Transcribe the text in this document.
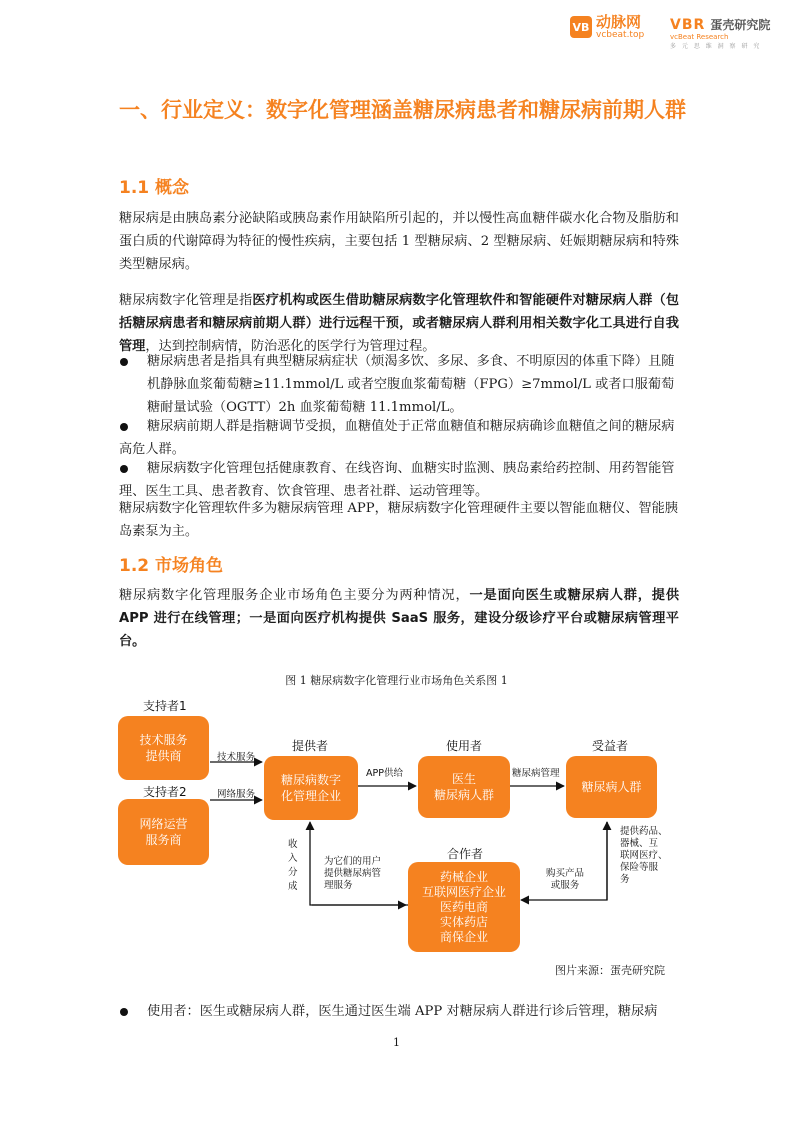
VB 动脉网
vcbeat.top
VBR 蛋壳研究院
vcBeat Research
多 元 思 维 洞 察 研 究
一、行业定义：数字化管理涵盖糖尿病患者和糖尿病前期人群
1.1 概念
糖尿病是由胰岛素分泌缺陷或胰岛素作用缺陷所引起的，并以慢性高血糖伴碳水化合物及脂肪和蛋白质的代谢障碍为特征的慢性疾病，主要包括 1 型糖尿病、2 型糖尿病、妊娠期糖尿病和特殊类型糖尿病。
糖尿病数字化管理是指医疗机构或医生借助糖尿病数字化管理软件和智能硬件对糖尿病人群（包括糖尿病患者和糖尿病前期人群）进行远程干预，或者糖尿病人群利用相关数字化工具进行自我管理，达到控制病情，防治恶化的医学行为管理过程。
糖尿病患者是指具有典型糖尿病症状（烦渴多饮、多尿、多食、不明原因的体重下降）且随机静脉血浆葡萄糖≥11.1mmol/L 或者空腹血浆葡萄糖（FPG）≥7mmol/L 或者口服葡萄糖耐量试验（OGTT）2h 血浆葡萄糖 11.1mmol/L。
糖尿病前期人群是指糖调节受损，血糖值处于正常血糖值和糖尿病确诊血糖值之间的糖尿病高危人群。
糖尿病数字化管理包括健康教育、在线咨询、血糖实时监测、胰岛素给药控制、用药智能管理、医生工具、患者教育、饮食管理、患者社群、运动管理等。
糖尿病数字化管理软件多为糖尿病管理 APP，糖尿病数字化管理硬件主要以智能血糖仪、智能胰岛素泵为主。
1.2 市场角色
糖尿病数字化管理服务企业市场角色主要分为两种情况，一是面向医生或糖尿病人群，提供 APP 进行在线管理；一是面向医疗机构提供 SaaS 服务，建设分级诊疗平台或糖尿病管理平台。
图 1 糖尿病数字化管理行业市场角色关系图 1
支持者1
技术服务
提供商
支持者2
网络运营
服务商
提供者
糖尿病数字
化管理企业
使用者
医生
糖尿病人群
受益者
糖尿病人群
合作者
药械企业
互联网医疗企业
医药电商
实体药店
商保企业
技术服务
网络服务
APP供给	糖尿病管理
收
入
分
成
为它们的用户
提供糖尿病管
理服务
购买产品
或服务
提供药品、
器械、互
联网医疗、
保险等服
务
图片来源：蛋壳研究院
使用者：医生或糖尿病人群，医生通过医生端 APP 对糖尿病人群进行诊后管理，糖尿病
1
